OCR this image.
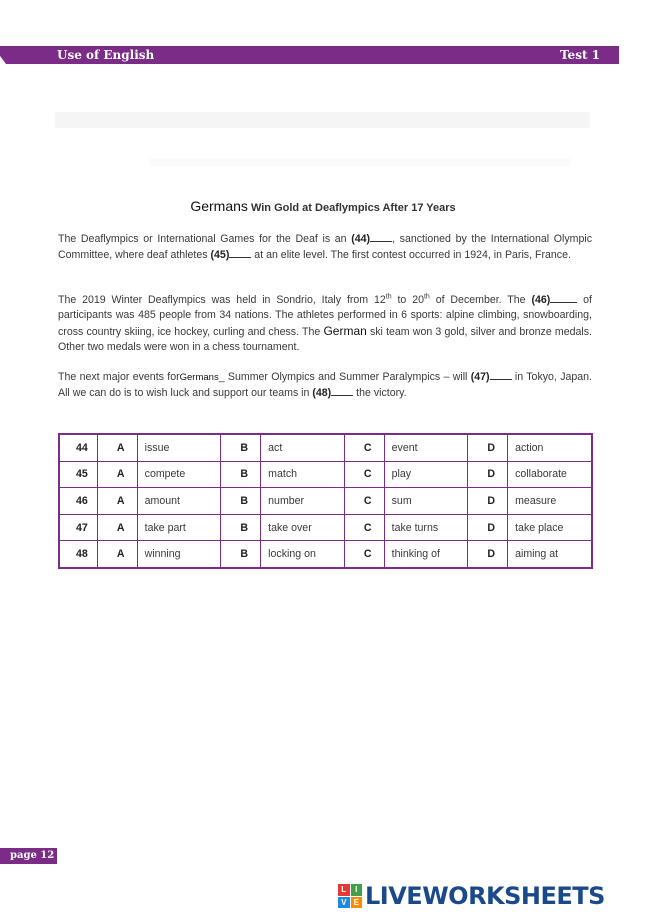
Use of English	Test 1
Germans Win Gold at Deaflympics After 17 Years
The Deaflympics or International Games for the Deaf is an (44) , sanctioned by the International Olympic Committee, where deaf athletes (45) at an elite level. The first contest occurred in 1924, in Paris, France.
The 2019 Winter Deaflympics was held in Sondrio, Italy from 12th to 20th of December. The (46)	of participants was 485 people from 34 nations. The athletes performed in 6 sports: alpine climbing, snowboarding, cross country skiing, ice hockey, curling and chess. The German ski team won 3 gold, silver and bronze medals. Other two medals were won in a chess tournament.
The next major events forGermans_ Summer Olympics and Summer Paralympics – will (47) in Tokyo, Japan. All we can do is to wish luck and support our teams in (48) the victory.
44	A	issue	B	act	C	event	D	action
45	A	compete	B	match	C	play	D	collaborate
46	A	amount	B	number	C	sum	D	measure
47	A	take part	B	take over	C	take turns	D	take place
48	A	winning	B	locking on	C	thinking of	D	aiming at
page 12
L	I
V E LIVEWORKSHEETS
